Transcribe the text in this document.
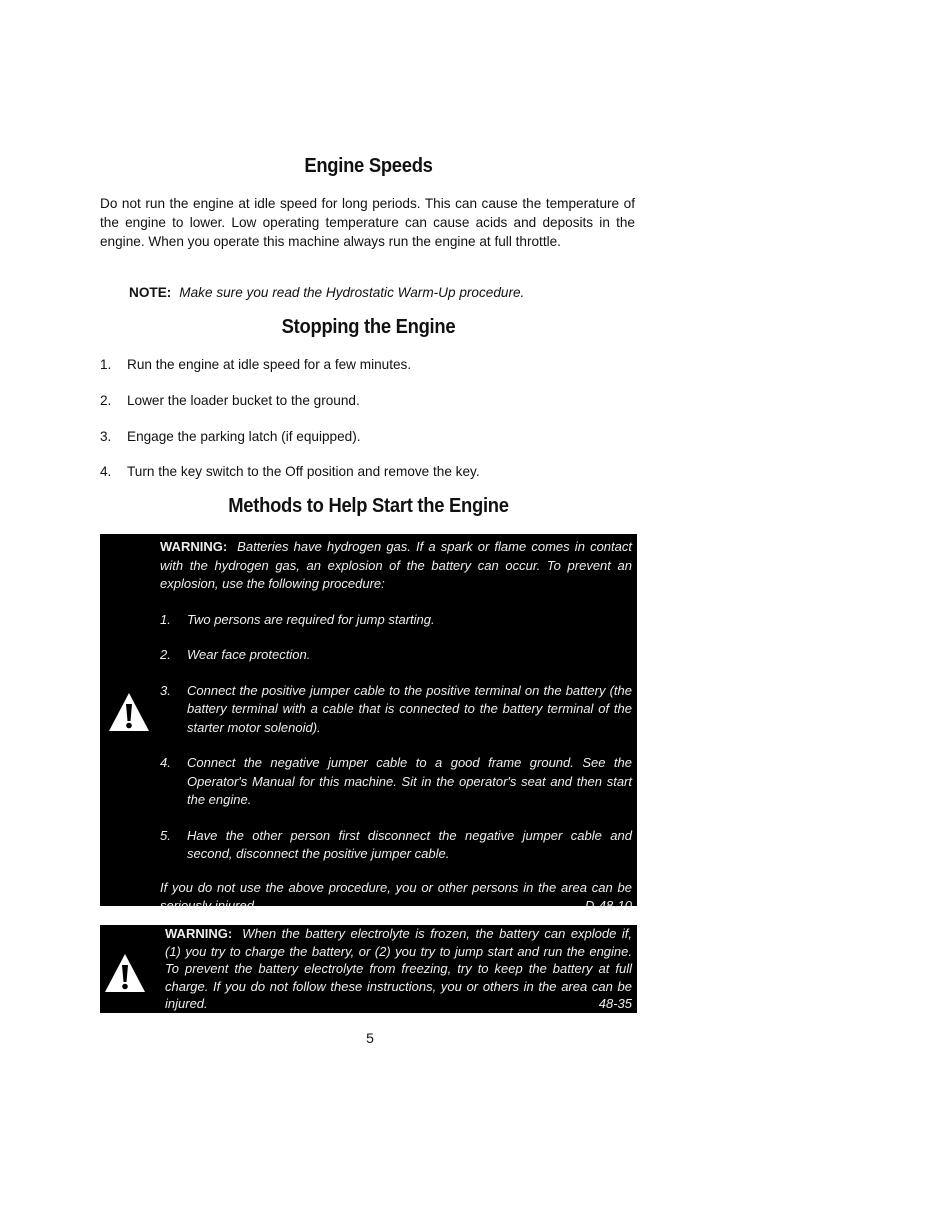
Engine Speeds
Do not run the engine at idle speed for long periods. This can cause the temperature of the engine to lower. Low operating temperature can cause acids and deposits in the engine. When you operate this machine always run the engine at full throttle.
NOTE: Make sure you read the Hydrostatic Warm-Up procedure.
Stopping the Engine
1. Run the engine at idle speed for a few minutes.
2. Lower the loader bucket to the ground.
3. Engage the parking latch (if equipped).
4. Turn the key switch to the Off position and remove the key.
Methods to Help Start the Engine
WARNING: Batteries have hydrogen gas. If a spark or flame comes in contact with the hydrogen gas, an explosion of the battery can occur. To prevent an explosion, use the following procedure:
1.	Two persons are required for jump starting.
2.	Wear face protection.
3.	Connect the positive jumper cable to the positive terminal on the battery (the battery terminal with a cable that is connected to the battery terminal of the starter motor solenoid).
4.	Connect the negative jumper cable to a good frame ground. See the Operator's Manual for this machine. Sit in the operator's seat and then start the engine.
5.	Have the other person first disconnect the negative jumper cable and second, disconnect the positive jumper cable.
If you do not use the above procedure, you or other persons in the area can be seriously injured.	D-48-10
WARNING: When the battery electrolyte is frozen, the battery can explode if, (1) you try to charge the battery, or (2) you try to jump start and run the engine. To prevent the battery electrolyte from freezing, try to keep the battery at full charge. If you do not follow these instructions, you or others in the area can be injured.	48-35
5
